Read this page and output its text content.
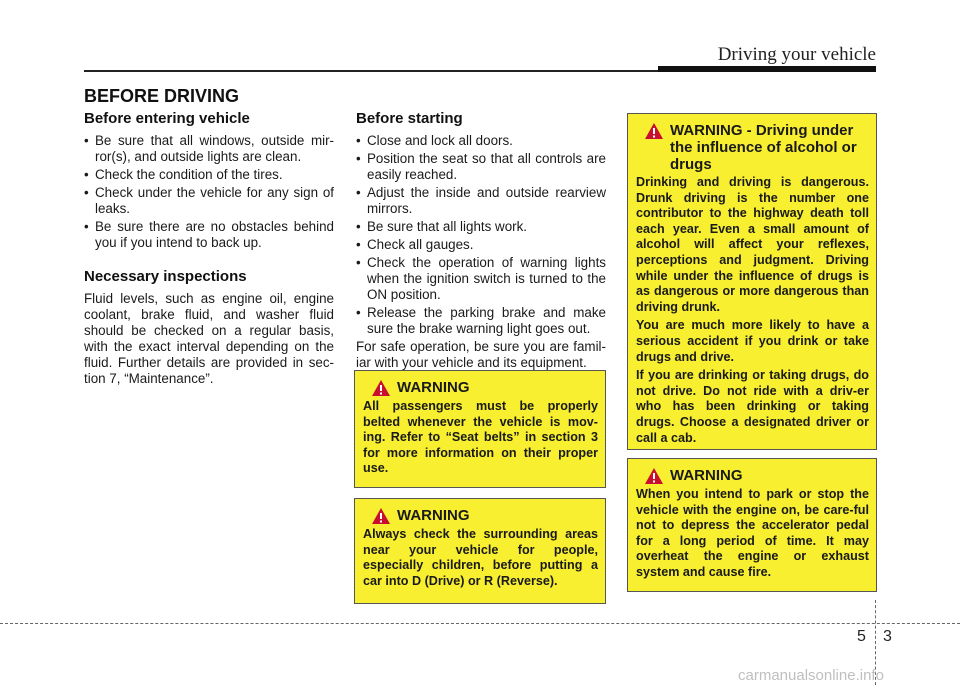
Driving your vehicle
BEFORE DRIVING
Before entering vehicle
• Be sure that all windows, outside mir-ror(s), and outside lights are clean.
• Check the condition of the tires.
• Check under the vehicle for any sign of leaks.
• Be sure there are no obstacles behind you if you intend to back up.
Necessary inspections

Fluid levels, such as engine oil, engine coolant, brake fluid, and washer fluid should be checked on a regular basis, with the exact interval depending on the fluid. Further details are provided in sec-tion 7, “Maintenance”.

Before starting
• Close and lock all doors.
• Position the seat so that all controls are easily reached.
• Adjust the inside and outside rearview mirrors.
• Be sure that all lights work.
• Check all gauges.
• Check the operation of warning lights when the ignition switch is turned to the ON position.
• Release the parking brake and make sure the brake warning light goes out.

For safe operation, be sure you are famil-iar with your vehicle and its equipment.

WARNING

All passengers must be properly belted whenever the vehicle is mov-ing. Refer to “Seat belts” in section 3 for more information on their proper use.

WARNING

Always check the surrounding areas near your vehicle for people, especially children, before putting a car into D (Drive) or R (Reverse).

WARNING - Driving under the influence of alcohol or drugs

Drinking and driving is dangerous. Drunk driving is the number one contributor to the highway death toll each year. Even a small amount of alcohol will affect your reflexes, perceptions and judgment. Driving while under the influence of drugs is as dangerous or more dangerous than driving drunk.

You are much more likely to have a serious accident if you drink or take drugs and drive.

If you are drinking or taking drugs, do not drive. Do not ride with a driv-er who has been drinking or taking drugs. Choose a designated driver or call a cab.

WARNING

When you intend to park or stop the vehicle with the engine on, be care-ful not to depress the accelerator pedal for a long period of time. It may overheat the engine or exhaust system and cause fire.

5 3
carmanualsonline.info
